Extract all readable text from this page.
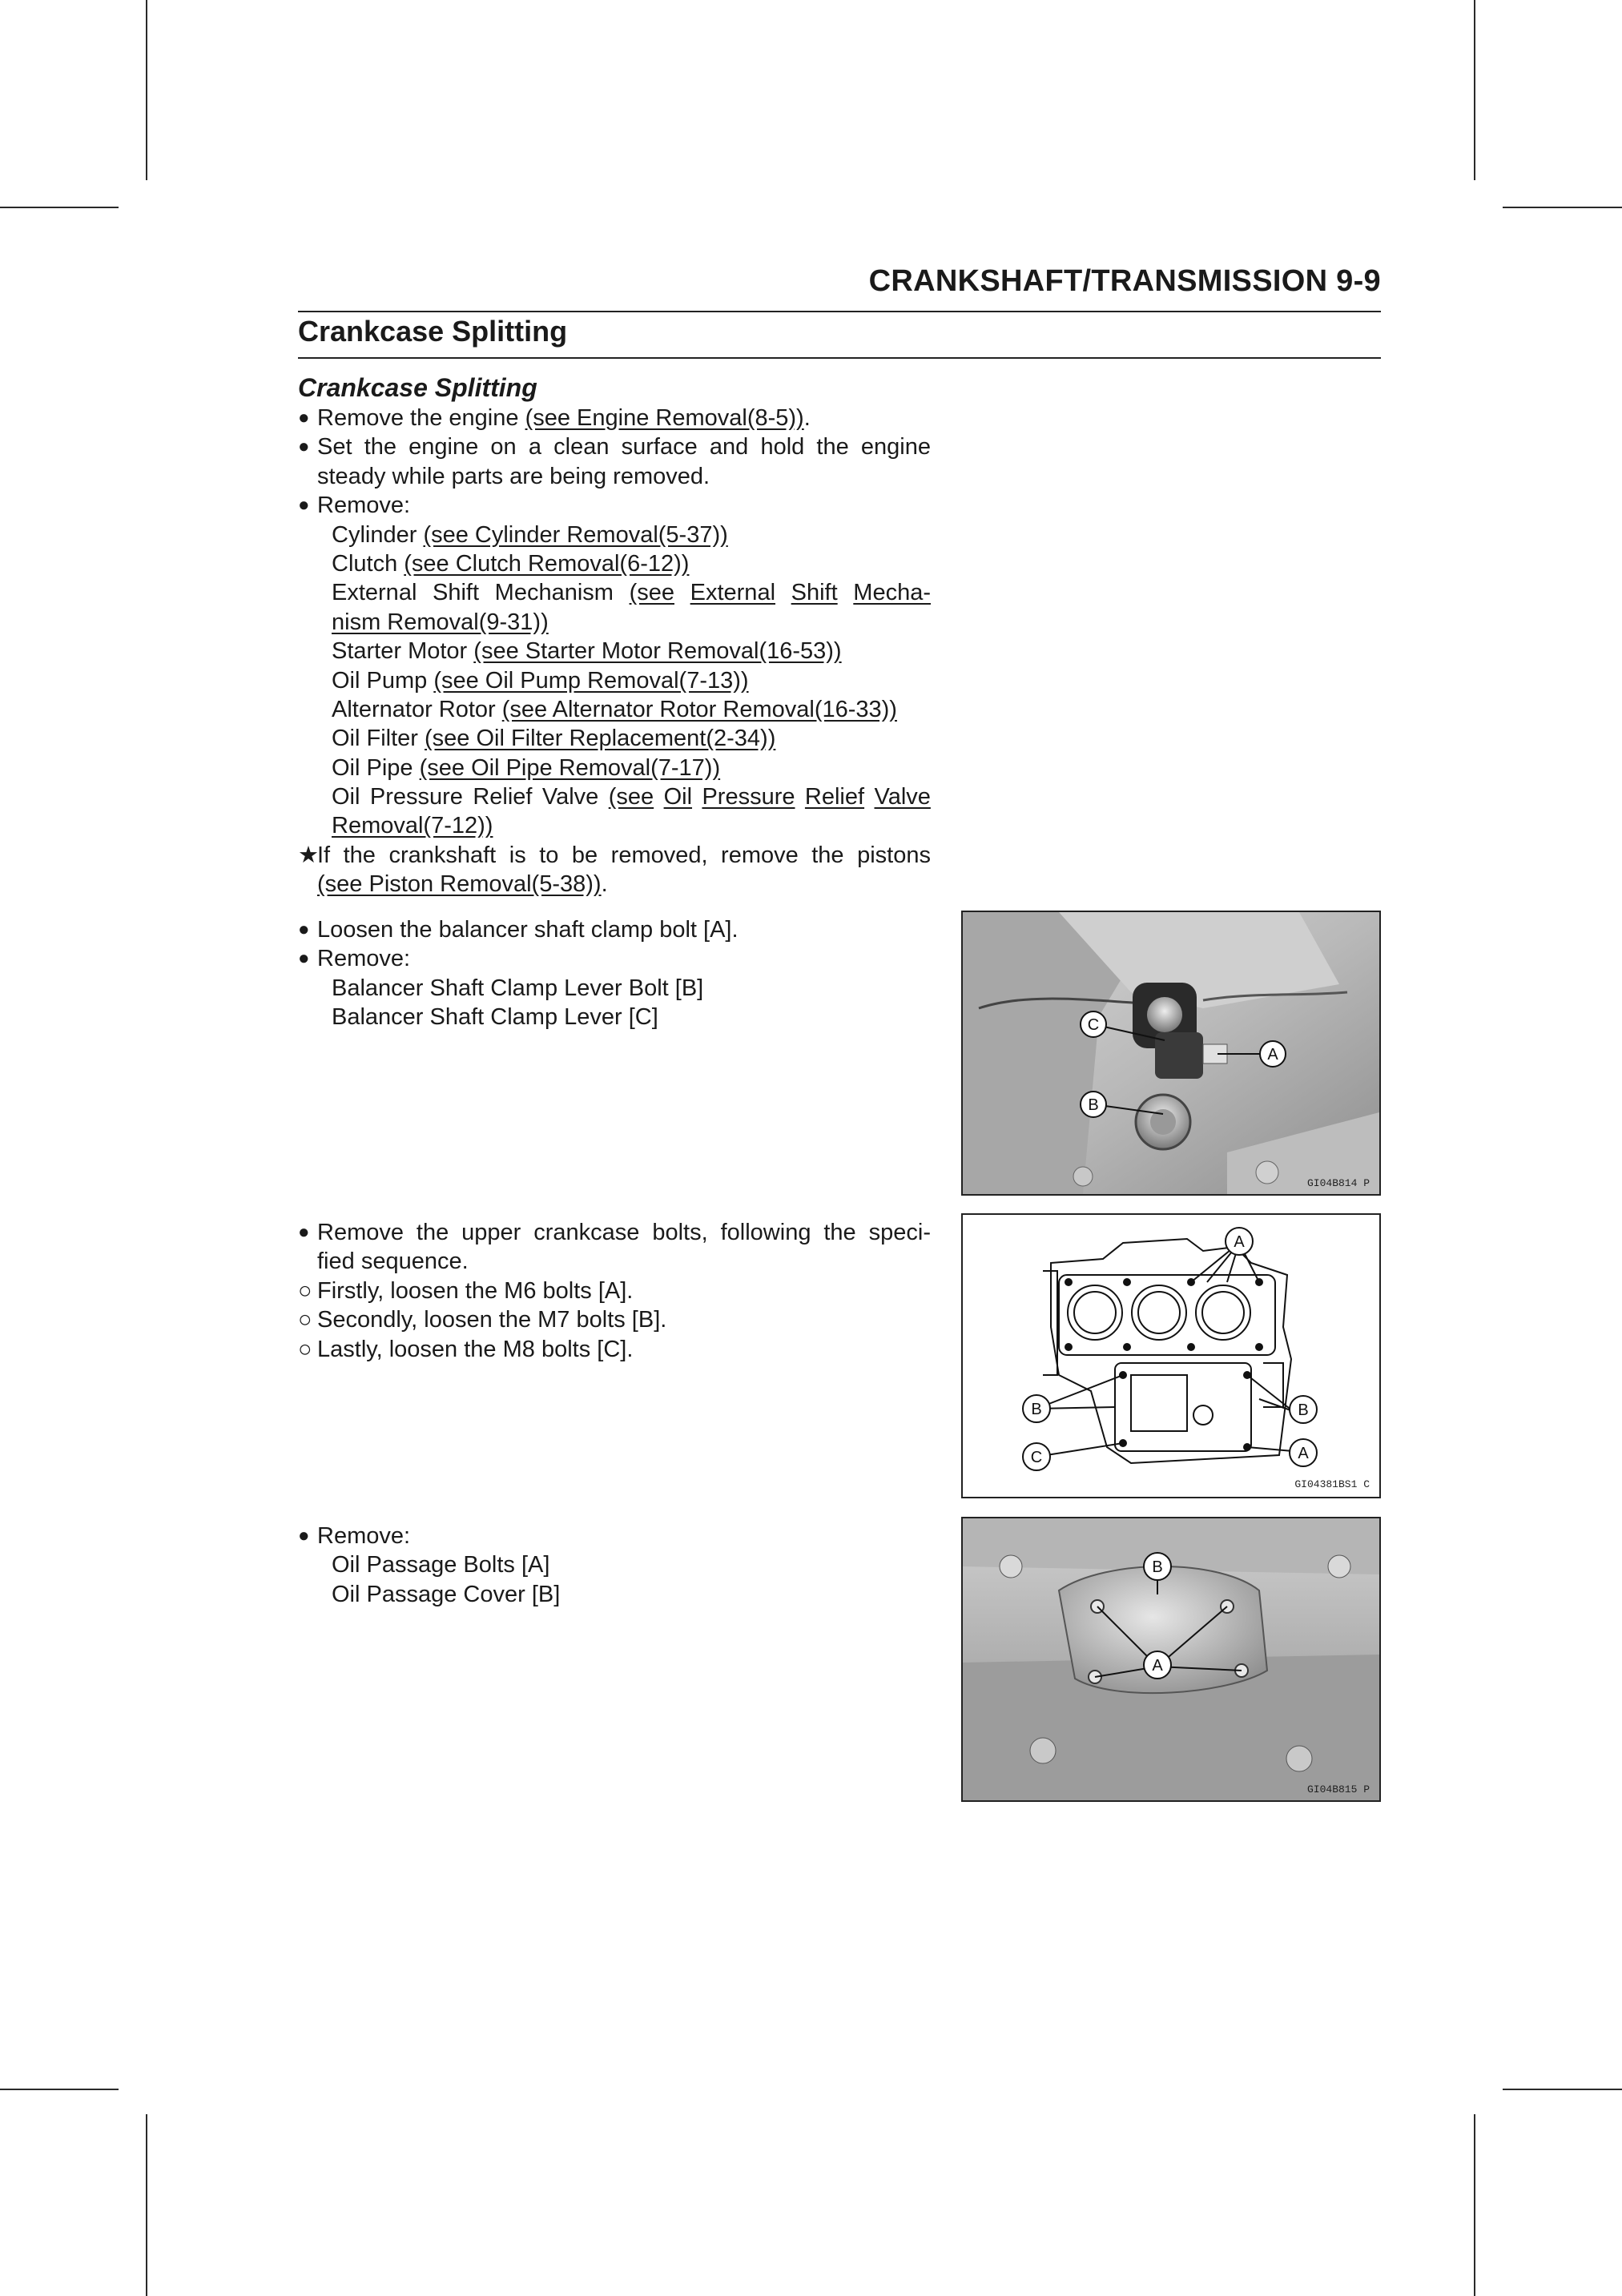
CRANKSHAFT/TRANSMISSION 9-9
Crankcase Splitting
Crankcase Splitting
● Remove the engine (see Engine Removal(8-5)).
● Set the engine on a clean surface and hold the engine
steady while parts are being removed.
● Remove:
Cylinder (see Cylinder Removal(5-37))
Clutch (see Clutch Removal(6-12))
External Shift Mechanism (see External Shift Mecha-
nism Removal(9-31))
Starter Motor (see Starter Motor Removal(16-53))
Oil Pump (see Oil Pump Removal(7-13))
Alternator Rotor (see Alternator Rotor Removal(16-33))
Oil Filter (see Oil Filter Replacement(2-34))
Oil Pipe (see Oil Pipe Removal(7-17))
Oil Pressure Relief Valve (see Oil Pressure Relief Valve
Removal(7-12))
★
If the crankshaft is to be removed, remove the pistons
(see Piston Removal(5-38)).
● Loosen the balancer shaft clamp bolt [A].
● Remove:
Balancer Shaft Clamp Lever Bolt [B]
Balancer Shaft Clamp Lever [C]	C
A
B
GI04B814 P
● Remove the upper crankcase bolts, following the speci-
fied sequence.
○ Firstly, loosen the M6 bolts [A].
○ Secondly, loosen the M7 bolts [B].
○ Lastly, loosen the M8 bolts [C].
A
B	B
C	A
GI04381BS1 C
● Remove:
Oil Passage Bolts [A]
Oil Passage Cover [B]
B
A
GI04B815 P
